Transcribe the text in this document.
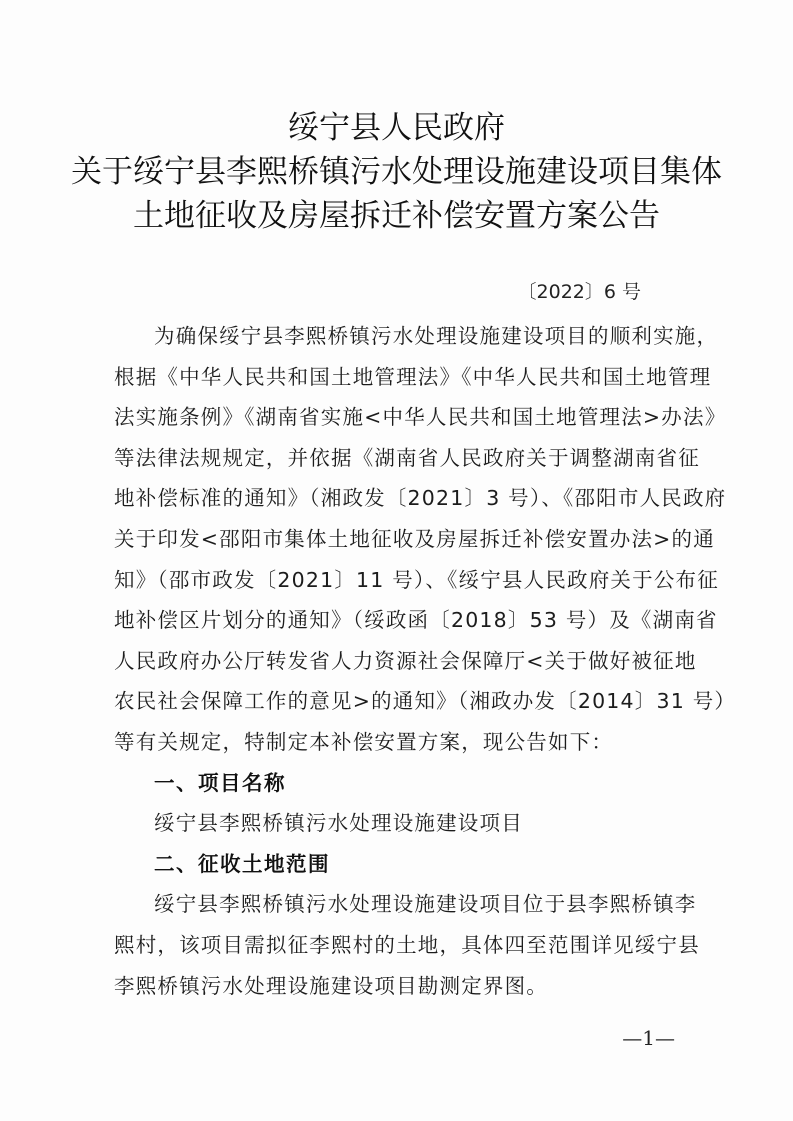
绥宁县人民政府
关于绥宁县李熙桥镇污水处理设施建设项目集体
土地征收及房屋拆迁补偿安置方案公告
〔2022〕6 号
为确保绥宁县李熙桥镇污水处理设施建设项目的顺利实施，
根据《中华人民共和国土地管理法》《中华人民共和国土地管理
法实施条例》《湖南省实施<中华人民共和国土地管理法>办法》
等法律法规规定，并依据《湖南省人民政府关于调整湖南省征
地补偿标准的通知》（湘政发〔2021〕3 号）、《邵阳市人民政府
关于印发<邵阳市集体土地征收及房屋拆迁补偿安置办法>的通
知》（邵市政发〔2021〕11 号）、《绥宁县人民政府关于公布征
地补偿区片划分的通知》（绥政函〔2018〕53 号）及《湖南省
人民政府办公厅转发省人力资源社会保障厅<关于做好被征地
农民社会保障工作的意见>的通知》（湘政办发〔2014〕31 号）
等有关规定，特制定本补偿安置方案，现公告如下：
一、项目名称
绥宁县李熙桥镇污水处理设施建设项目
二、征收土地范围
绥宁县李熙桥镇污水处理设施建设项目位于县李熙桥镇李
熙村，该项目需拟征李熙村的土地，具体四至范围详见绥宁县
李熙桥镇污水处理设施建设项目勘测定界图。
—1—
